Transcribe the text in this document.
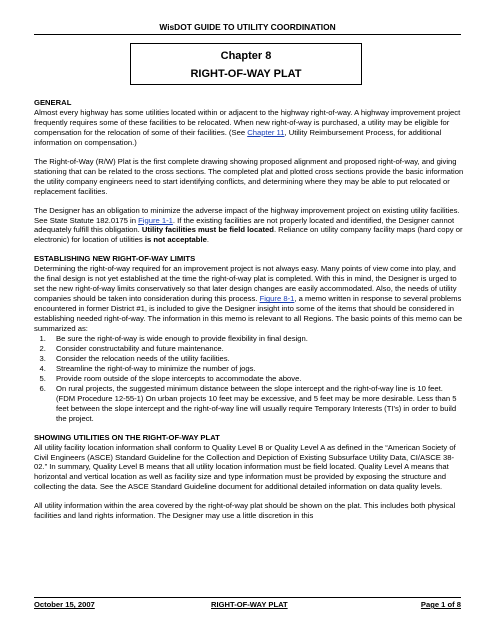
WisDOT GUIDE TO UTILITY COORDINATION
Chapter 8
RIGHT-OF-WAY PLAT
GENERAL

Almost every highway has some utilities located within or adjacent to the highway right-of-way. A highway improvement project frequently requires some of these facilities to be relocated. When new right-of-way is purchased, a utility may be eligible for compensation for the relocation of some of their facilities. (See Chapter 11, Utility Reimbursement Process, for additional information on compensation.)

The Right-of-Way (R/W) Plat is the first complete drawing showing proposed alignment and proposed right-of-way, and giving stationing that can be related to the cross sections. The completed plat and plotted cross sections provide the basic information the utility company engineers need to start identifying conflicts, and determining where they may be able to put relocated or replacement facilities.

The Designer has an obligation to minimize the adverse impact of the highway improvement project on existing utility facilities. See State Statute 182.0175 in Figure 1-1. If the existing facilities are not properly located and identified, the Designer cannot adequately fulfill this obligation. Utility facilities must be field located. Reliance on utility company facility maps (hard copy or electronic) for location of utilities is not acceptable.

ESTABLISHING NEW RIGHT-OF-WAY LIMITS
Determining the right-of-way required for an improvement project is not always easy. Many points of view come into play, and the final design is not yet established at the time the right-of-way plat is completed. With this in mind, the Designer is urged to set the new right-of-way limits conservatively so that later design changes are easily accommodated. Also, the needs of utility companies should be taken into consideration during this process. Figure 8-1, a memo written in response to several problems encountered in former District #1, is included to give the Designer insight into some of the items that should be considered in establishing needed right-of-way. The information in this memo is relevant to all Regions. The basic points of this memo can be summarized as:
1. Be sure the right-of-way is wide enough to provide flexibility in final design.
2. Consider constructability and future maintenance.
3. Consider the relocation needs of the utility facilities.
4. Streamline the right-of-way to minimize the number of jogs.
5. Provide room outside of the slope intercepts to accommodate the above.
6. On rural projects, the suggested minimum distance between the slope intercept and the right-of-way line is 10 feet. (FDM Procedure 12-55-1) On urban projects 10 feet may be excessive, and 5 feet may be more desirable. Less than 5 feet between the slope intercept and the right-of-way line will usually require Temporary Interests (TI's) in order to build the project.
SHOWING UTILITIES ON THE RIGHT-OF-WAY PLAT

All utility facility location information shall conform to Quality Level B or Quality Level A as defined in the “American Society of Civil Engineers (ASCE) Standard Guideline for the Collection and Depiction of Existing Subsurface Utility Data, CI/ASCE 38-02.” In summary, Quality Level B means that all utility location information must be field located. Quality Level A means that horizontal and vertical location as well as facility size and type information must be provided by exposing the structure and collecting the data. See the ASCE Standard Guideline document for additional detailed information on data quality levels.

All utility information within the area covered by the right-of-way plat should be shown on the plat. This includes both physical facilities and land rights information. The Designer may use a little discretion in this

October 15, 2007	RIGHT-OF-WAY PLAT	Page 1 of 8
